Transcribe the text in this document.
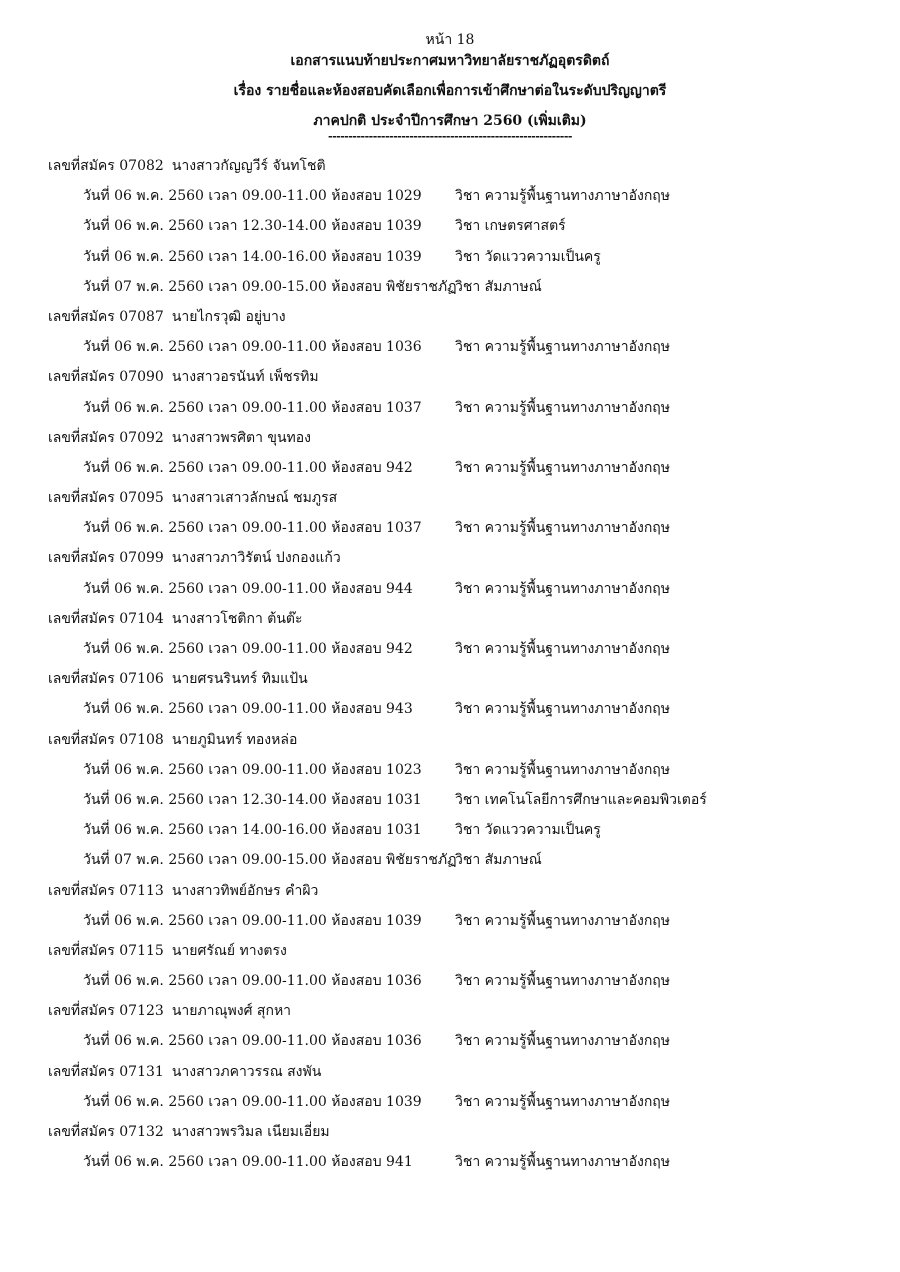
หน้า 18
เอกสารแนบท้ายประกาศมหาวิทยาลัยราชภัฏอุตรดิตถ์
เรื่อง รายชื่อและห้องสอบคัดเลือกเพื่อการเข้าศึกษาต่อในระดับปริญญาตรี
ภาคปกติ ประจำปีการศึกษา 2560 (เพิ่มเติม)
------------------------------------------------------------
เลขที่สมัคร 07082 นางสาวกัญญวีร์ จันทโชติ
วันที่ 06 พ.ค. 2560 เวลา 09.00-11.00 ห้องสอบ 1029 วิชา ความรู้พื้นฐานทางภาษาอังกฤษ
วันที่ 06 พ.ค. 2560 เวลา 12.30-14.00 ห้องสอบ 1039 วิชา เกษตรศาสตร์
วันที่ 06 พ.ค. 2560 เวลา 14.00-16.00 ห้องสอบ 1039 วิชา วัดแววความเป็นครู
วันที่ 07 พ.ค. 2560 เวลา 09.00-15.00 ห้องสอบ พิชัยราชภัฏ
วิชา สัมภาษณ์
เลขที่สมัคร 07087 นายไกรวุฒิ อยู่บาง
วันที่ 06 พ.ค. 2560 เวลา 09.00-11.00 ห้องสอบ 1036 วิชา ความรู้พื้นฐานทางภาษาอังกฤษ
เลขที่สมัคร 07090 นางสาวอรนันท์ เพ็ชรทิม
วันที่ 06 พ.ค. 2560 เวลา 09.00-11.00 ห้องสอบ 1037 วิชา ความรู้พื้นฐานทางภาษาอังกฤษ
เลขที่สมัคร 07092 นางสาวพรศิตา ขุนทอง
วันที่ 06 พ.ค. 2560 เวลา 09.00-11.00 ห้องสอบ 942	วิชา ความรู้พื้นฐานทางภาษาอังกฤษ
เลขที่สมัคร 07095 นางสาวเสาวลักษณ์ ชมภูรส
วันที่ 06 พ.ค. 2560 เวลา 09.00-11.00 ห้องสอบ 1037 วิชา ความรู้พื้นฐานทางภาษาอังกฤษ
เลขที่สมัคร 07099 นางสาวภาวิรัตน์ ปงกองแก้ว
วันที่ 06 พ.ค. 2560 เวลา 09.00-11.00 ห้องสอบ 944	วิชา ความรู้พื้นฐานทางภาษาอังกฤษ
เลขที่สมัคร 07104 นางสาวโชติกา ต้นต๊ะ
วันที่ 06 พ.ค. 2560 เวลา 09.00-11.00 ห้องสอบ 942	วิชา ความรู้พื้นฐานทางภาษาอังกฤษ
เลขที่สมัคร 07106 นายศรนรินทร์ ทิมแป้น
วันที่ 06 พ.ค. 2560 เวลา 09.00-11.00 ห้องสอบ 943	วิชา ความรู้พื้นฐานทางภาษาอังกฤษ
เลขที่สมัคร 07108 นายภูมินทร์ ทองหล่อ
วันที่ 06 พ.ค. 2560 เวลา 09.00-11.00 ห้องสอบ 1023 วิชา ความรู้พื้นฐานทางภาษาอังกฤษ
วันที่ 06 พ.ค. 2560 เวลา 12.30-14.00 ห้องสอบ 1031 วิชา เทคโนโลยีการศึกษาและคอมพิวเตอร์
วันที่ 06 พ.ค. 2560 เวลา 14.00-16.00 ห้องสอบ 1031 วิชา วัดแววความเป็นครู
วันที่ 07 พ.ค. 2560 เวลา 09.00-15.00 ห้องสอบ พิชัยราชภัฏ
วิชา สัมภาษณ์
เลขที่สมัคร 07113 นางสาวทิพย์อักษร คำผิว
วันที่ 06 พ.ค. 2560 เวลา 09.00-11.00 ห้องสอบ 1039 วิชา ความรู้พื้นฐานทางภาษาอังกฤษ
เลขที่สมัคร 07115 นายศรัณย์ ทางตรง
วันที่ 06 พ.ค. 2560 เวลา 09.00-11.00 ห้องสอบ 1036 วิชา ความรู้พื้นฐานทางภาษาอังกฤษ
เลขที่สมัคร 07123 นายภาณุพงศ์ สุกหา
วันที่ 06 พ.ค. 2560 เวลา 09.00-11.00 ห้องสอบ 1036 วิชา ความรู้พื้นฐานทางภาษาอังกฤษ
เลขที่สมัคร 07131 นางสาวภคาวรรณ สงพัน
วันที่ 06 พ.ค. 2560 เวลา 09.00-11.00 ห้องสอบ 1039 วิชา ความรู้พื้นฐานทางภาษาอังกฤษ
เลขที่สมัคร 07132 นางสาวพรวิมล เนียมเอี่ยม
วันที่ 06 พ.ค. 2560 เวลา 09.00-11.00 ห้องสอบ 941	วิชา ความรู้พื้นฐานทางภาษาอังกฤษ
